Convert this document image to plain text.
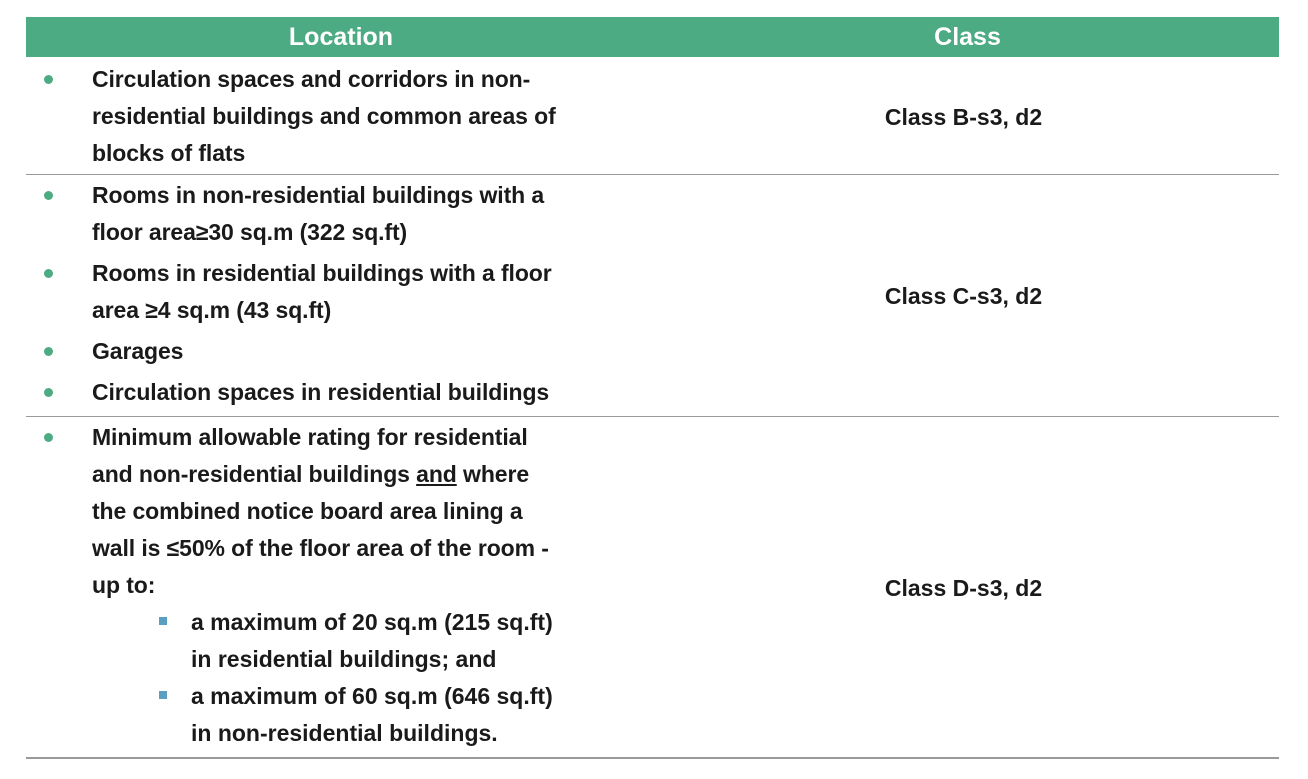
Location	Class
Circulation spaces and corridors in non-
residential buildings and common areas of
blocks of flats
Class B-s3, d2
Rooms in non-residential buildings with a
floor area≥30 sq.m (322 sq.ft)
Rooms in residential buildings with a floor
area ≥4 sq.m (43 sq.ft)
Garages
Circulation spaces in residential buildings
Class C-s3, d2
Minimum allowable rating for residential
and non-residential buildings and where
the combined notice board area lining a
wall is ≤50% of the floor area of the room -
up to:
a maximum of 20 sq.m (215 sq.ft)
in residential buildings; and
a maximum of 60 sq.m (646 sq.ft)
in non-residential buildings.
Class D-s3, d2
